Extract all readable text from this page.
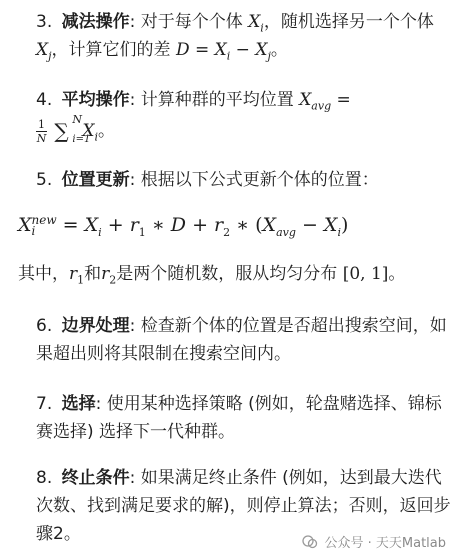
3. 减法操作: 对于每个个体 $X_i$，随机选择另一个个体 $X_j$，计算它们的差 $D = X_i - X_j$。
4. 平均操作: 计算种群的平均位置 $X_{avg}$ =

$\frac{1}{N}$
∑ N
i=1
$X_i$。
5. 位置更新: 根据以下公式更新个体的位置：
X new
i	= $X_i + r_1$ ∗ $D + r_2$ ∗ $(X_{avg} - X_i)$
其中，$r_1$和$r_2$是两个随机数，服从均匀分布 [0, 1]。
6. 边界处理: 检查新个体的位置是否超出搜索空间，如果超出则将其限制在搜索空间内。
7. 选择: 使用某种选择策略 (例如，轮盘赌选择、锦标赛选择) 选择下一代种群。
8. 终止条件: 如果满足终止条件 (例如，达到最大迭代次数、找到满足要求的解)，则停止算法；否则，返回步骤2。	公众号 · 天天Matlab
